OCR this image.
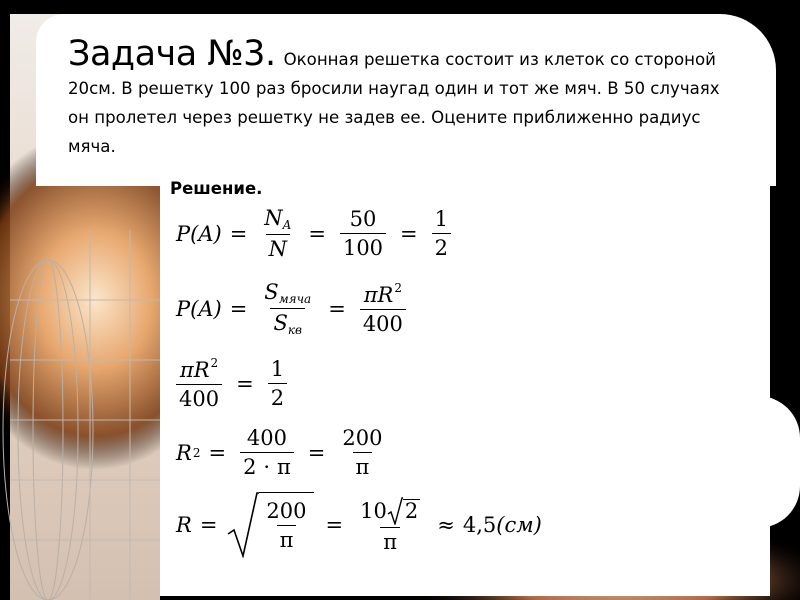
Задача №3. Оконная решетка состоит из клеток со стороной 20см. В решетку 100 раз бросили наугад один и тот же мяч. В 50 случаях он пролетел через решетку не задев ее. Оцените приближенно радиус мяча.
Решение.
$P(A) = \frac{N_A}{N} = \frac{50}{100} = \frac{1}{2}$
$P(A) = \frac{S_{мяча}}{S_{кв}} = \frac{\pi R^2}{400}$
$\frac{\pi R^2}{400} = \frac{1}{2}$
R $2 = \frac{400}{2 \cdot \pi} = \frac{200}{\pi}$
$R = \frac{200}{\pi} = \frac{10 2}{\pi} \approx 4,5$ (см)
